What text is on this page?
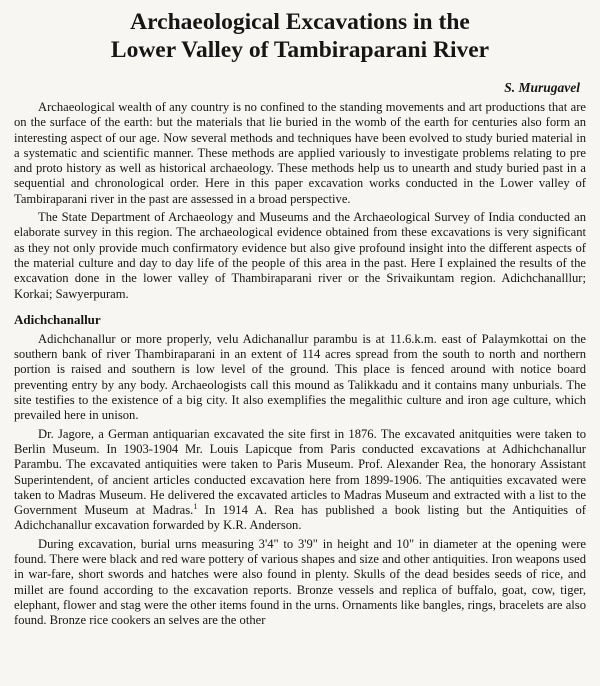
Archaeological Excavations in the
Lower Valley of Tambiraparani River
S. Murugavel

Archaeological wealth of any country is no confined to the standing movements and art productions that are on the surface of the earth: but the materials that lie buried in the womb of the earth for centuries also form an interesting aspect of our age. Now several methods and techniques have been evolved to study buried material in a systematic and scientific manner. These methods are applied variously to investigate problems relating to pre and proto history as well as historical archaeology. These methods help us to unearth and study buried past in a sequential and chronological order. Here in this paper excavation works conducted in the Lower valley of Tambiraparani river in the past are assessed in a broad perspective.

The State Department of Archaeology and Museums and the Archaeological Survey of India conducted an elaborate survey in this region. The archaeological evidence obtained from these excavations is very significant as they not only provide much confirmatory evidence but also give profound insight into the different aspects of the material culture and day to day life of the people of this area in the past. Here I explained the results of the excavation done in the lower valley of Thambiraparani river or the Srivaikuntam region. Adichchanalllur; Korkai; Sawyerpuram.

Adichchanallur

Adichchanallur or more properly, velu Adichanallur parambu is at 11.6.k.m. east of Palaymkottai on the southern bank of river Thambiraparani in an extent of 114 acres spread from the south to north and northern portion is raised and southern is low level of the ground. This place is fenced around with notice board preventing entry by any body. Archaeologists call this mound as Talikkadu and it contains many unburials. The site testifies to the existence of a big city. It also exemplifies the megalithic culture and iron age culture, which prevailed here in unison.

Dr. Jagore, a German antiquarian excavated the site first in 1876. The excavated anitquities were taken to Berlin Museum. In 1903-1904 Mr. Louis Lapicque from Paris conducted excavations at Adhichchanallur Parambu. The excavated antiquities were taken to Paris Museum. Prof. Alexander Rea, the honorary Assistant Superintendent, of ancient articles conducted excavation here from 1899-1906. The antiquities excavated were taken to Madras Museum. He delivered the excavated articles to Madras Museum and extracted with a list to the Government Museum at Madras.$^1$ In 1914 A. Rea has published a book listing but the Antiquities of Adichchanallur excavation forwarded by K.R. Anderson.

During excavation, burial urns measuring 3'4" to 3'9" in height and 10" in diameter at the opening were found. There were black and red ware pottery of various shapes and size and other antiquities. Iron weapons used in war-fare, short swords and hatches were also found in plenty. Skulls of the dead besides seeds of rice, and millet are found according to the excavation reports. Bronze vessels and replica of buffalo, goat, cow, tiger, elephant, flower and stag were the other items found in the urns. Ornaments like bangles, rings, bracelets are also found. Bronze rice cookers an selves are the other
